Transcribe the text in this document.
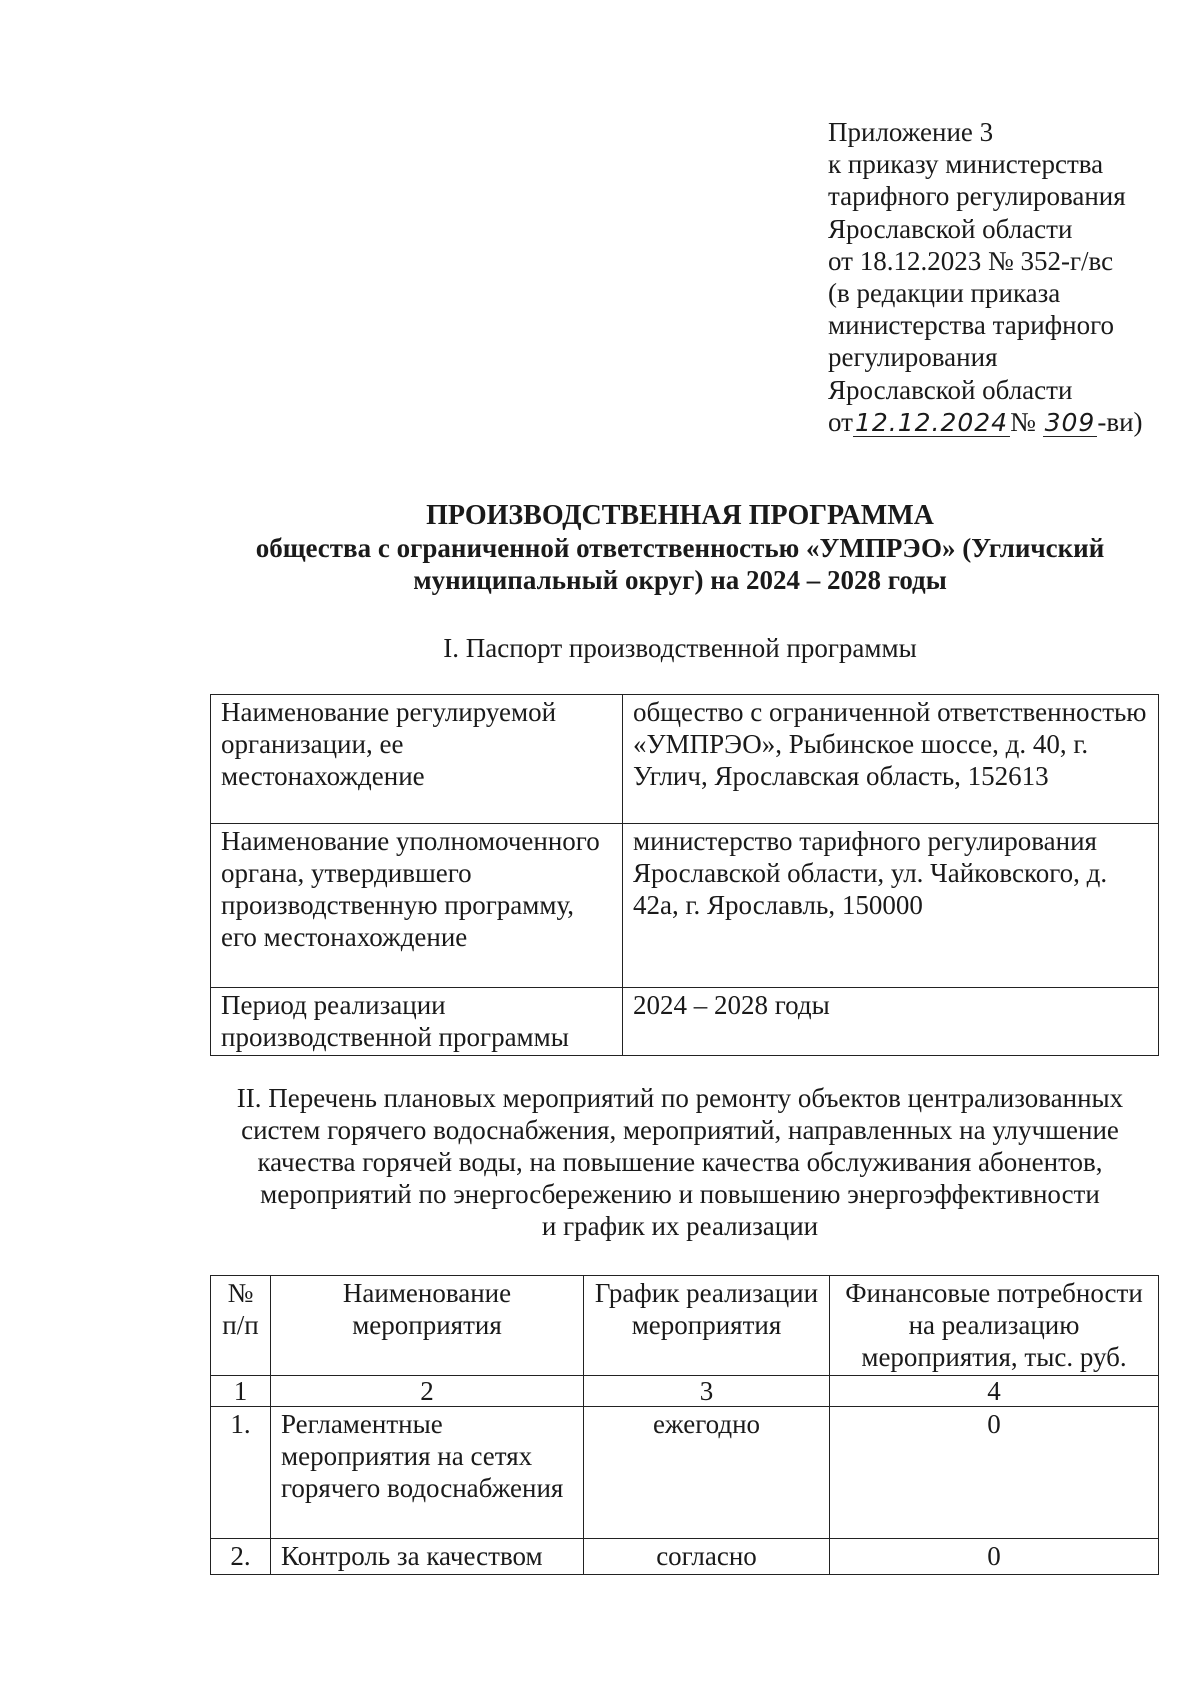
Приложение 3
к приказу министерства
тарифного регулирования
Ярославской области
от 18.12.2023 № 352-г/вс
(в редакции приказа
министерства тарифного
регулирования
Ярославской области
от12.12.2024№ 309-ви)
ПРОИЗВОДСТВЕННАЯ ПРОГРАММА
общества с ограниченной ответственностью «УМПРЭО» (Угличский
муниципальный округ) на 2024 – 2028 годы
I. Паспорт производственной программы
Наименование регулируемой организации, ее местонахождение	общество с ограниченной ответственностью «УМПРЭО», Рыбинское шоссе, д. 40, г. Углич, Ярославская область, 152613
Наименование уполномоченного органа, утвердившего производственную программу, его местонахождение	министерство тарифного регулирования Ярославской области, ул. Чайковского, д. 42а, г. Ярославль, 150000
Период реализации производственной программы	2024 – 2028 годы
II. Перечень плановых мероприятий по ремонту объектов централизованных
систем горячего водоснабжения, мероприятий, направленных на улучшение
качества горячей воды, на повышение качества обслуживания абонентов,
мероприятий по энергосбережению и повышению энергоэффективности
и график их реализации
№ п/п	Наименование мероприятия	График реализации мероприятия	Финансовые потребности на реализацию мероприятия, тыс. руб.
1	2	3	4
1.	Регламентные мероприятия на сетях горячего водоснабжения	ежегодно	0
2.	Контроль за качеством	согласно	0
